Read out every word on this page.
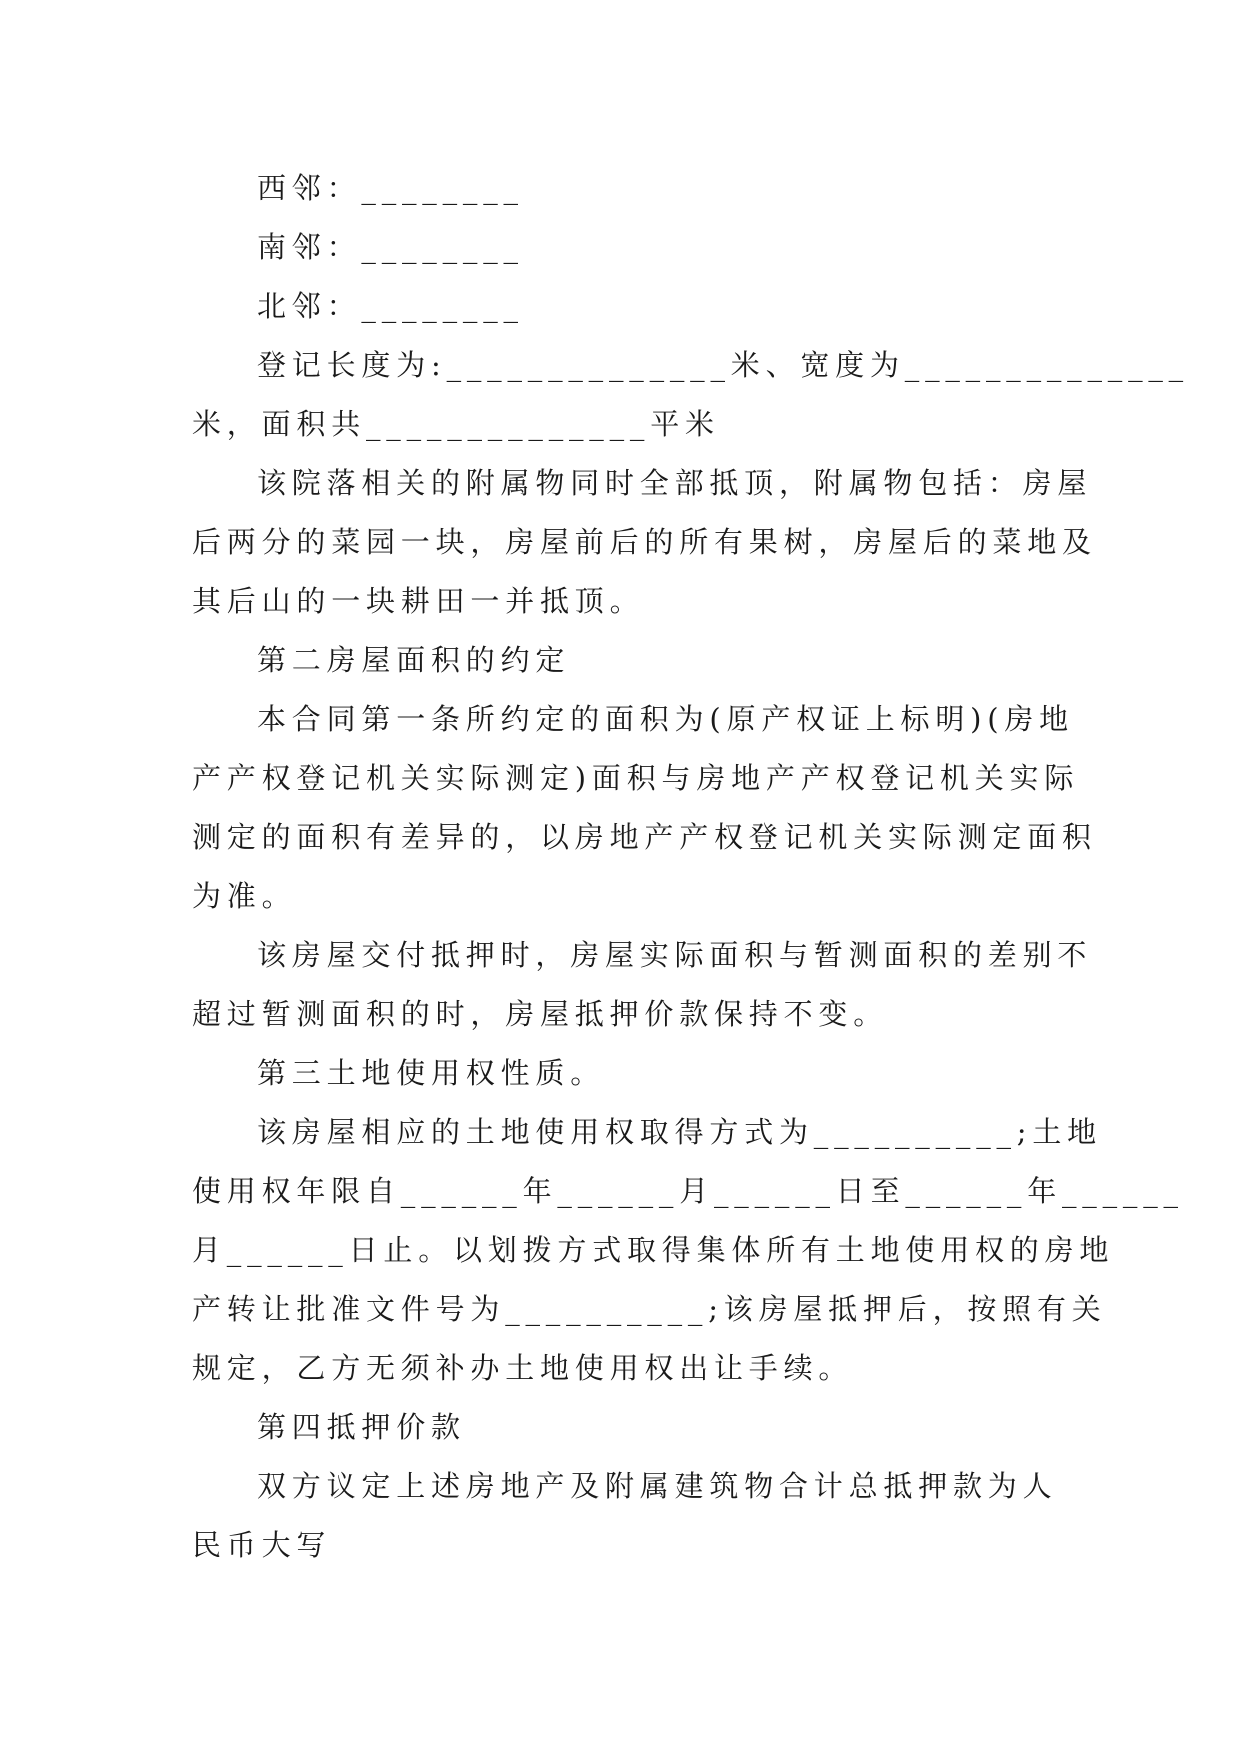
西邻：________
南邻：________
北邻：________
登记长度为:______________米、宽度为______________
米，面积共______________平米
该院落相关的附属物同时全部抵顶，附属物包括：房屋
后两分的菜园一块，房屋前后的所有果树，房屋后的菜地及
其后山的一块耕田一并抵顶。
第二房屋面积的约定
本合同第一条所约定的面积为(原产权证上标明)(房地
产产权登记机关实际测定)面积与房地产产权登记机关实际
测定的面积有差异的，以房地产产权登记机关实际测定面积
为准。
该房屋交付抵押时，房屋实际面积与暂测面积的差别不
超过暂测面积的时，房屋抵押价款保持不变。
第三土地使用权性质。
该房屋相应的土地使用权取得方式为__________;土地
使用权年限自______年______月______日至______年______
月______日止。以划拨方式取得集体所有土地使用权的房地
产转让批准文件号为__________;该房屋抵押后，按照有关
规定，乙方无须补办土地使用权出让手续。
第四抵押价款
双方议定上述房地产及附属建筑物合计总抵押款为人
民币大写
